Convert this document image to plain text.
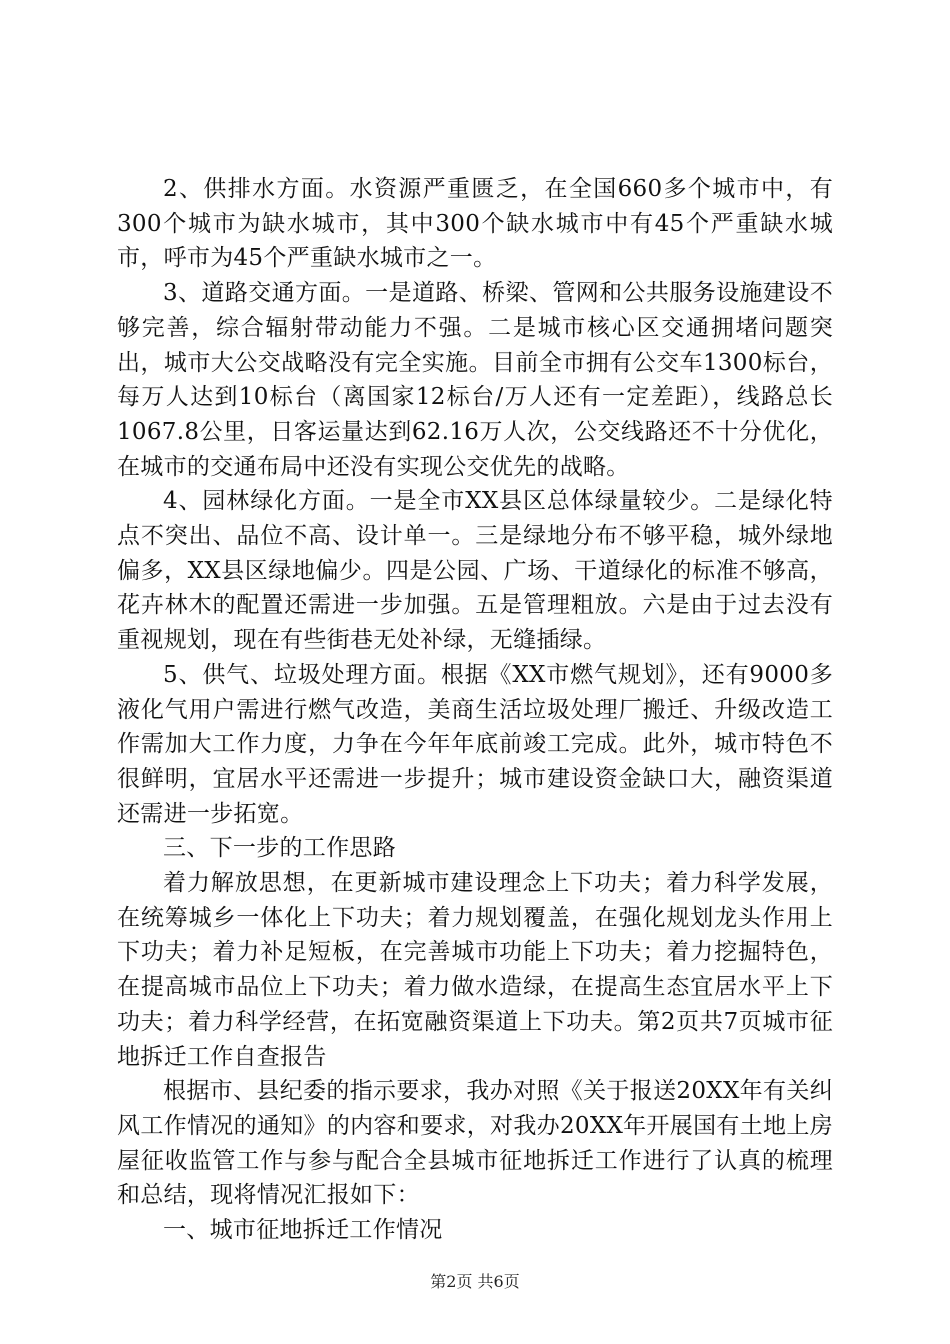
2、供排水方面。水资源严重匮乏，在全国660多个城市中，有300个城市为缺水城市，其中300个缺水城市中有45个严重缺水城市，呼市为45个严重缺水城市之一。

3、道路交通方面。一是道路、桥梁、管网和公共服务设施建设不够完善，综合辐射带动能力不强。二是城市核心区交通拥堵问题突出，城市大公交战略没有完全实施。目前全市拥有公交车1300标台，每万人达到10标台（离国家12标台/万人还有一定差距），线路总长1067.8公里，日客运量达到62.16万人次，公交线路还不十分优化，在城市的交通布局中还没有实现公交优先的战略。

4、园林绿化方面。一是全市XX县区总体绿量较少。二是绿化特点不突出、品位不高、设计单一。三是绿地分布不够平稳，城外绿地偏多，XX县区绿地偏少。四是公园、广场、干道绿化的标准不够高，花卉林木的配置还需进一步加强。五是管理粗放。六是由于过去没有重视规划，现在有些街巷无处补绿，无缝插绿。

5、供气、垃圾处理方面。根据《XX市燃气规划》，还有9000多液化气用户需进行燃气改造，美商生活垃圾处理厂搬迁、升级改造工作需加大工作力度，力争在今年年底前竣工完成。此外，城市特色不很鲜明，宜居水平还需进一步提升；城市建设资金缺口大，融资渠道还需进一步拓宽。

三、下一步的工作思路

着力解放思想，在更新城市建设理念上下功夫；着力科学发展，在统筹城乡一体化上下功夫；着力规划覆盖，在强化规划龙头作用上下功夫；着力补足短板，在完善城市功能上下功夫；着力挖掘特色，在提高城市品位上下功夫；着力做水造绿，在提高生态宜居水平上下功夫；着力科学经营，在拓宽融资渠道上下功夫。第2页共7页城市征地拆迁工作自查报告

根据市、县纪委的指示要求，我办对照《关于报送20XX年有关纠风工作情况的通知》的内容和要求，对我办20XX年开展国有土地上房屋征收监管工作与参与配合全县城市征地拆迁工作进行了认真的梳理和总结，现将情况汇报如下：

一、城市征地拆迁工作情况

第2页 共6页
